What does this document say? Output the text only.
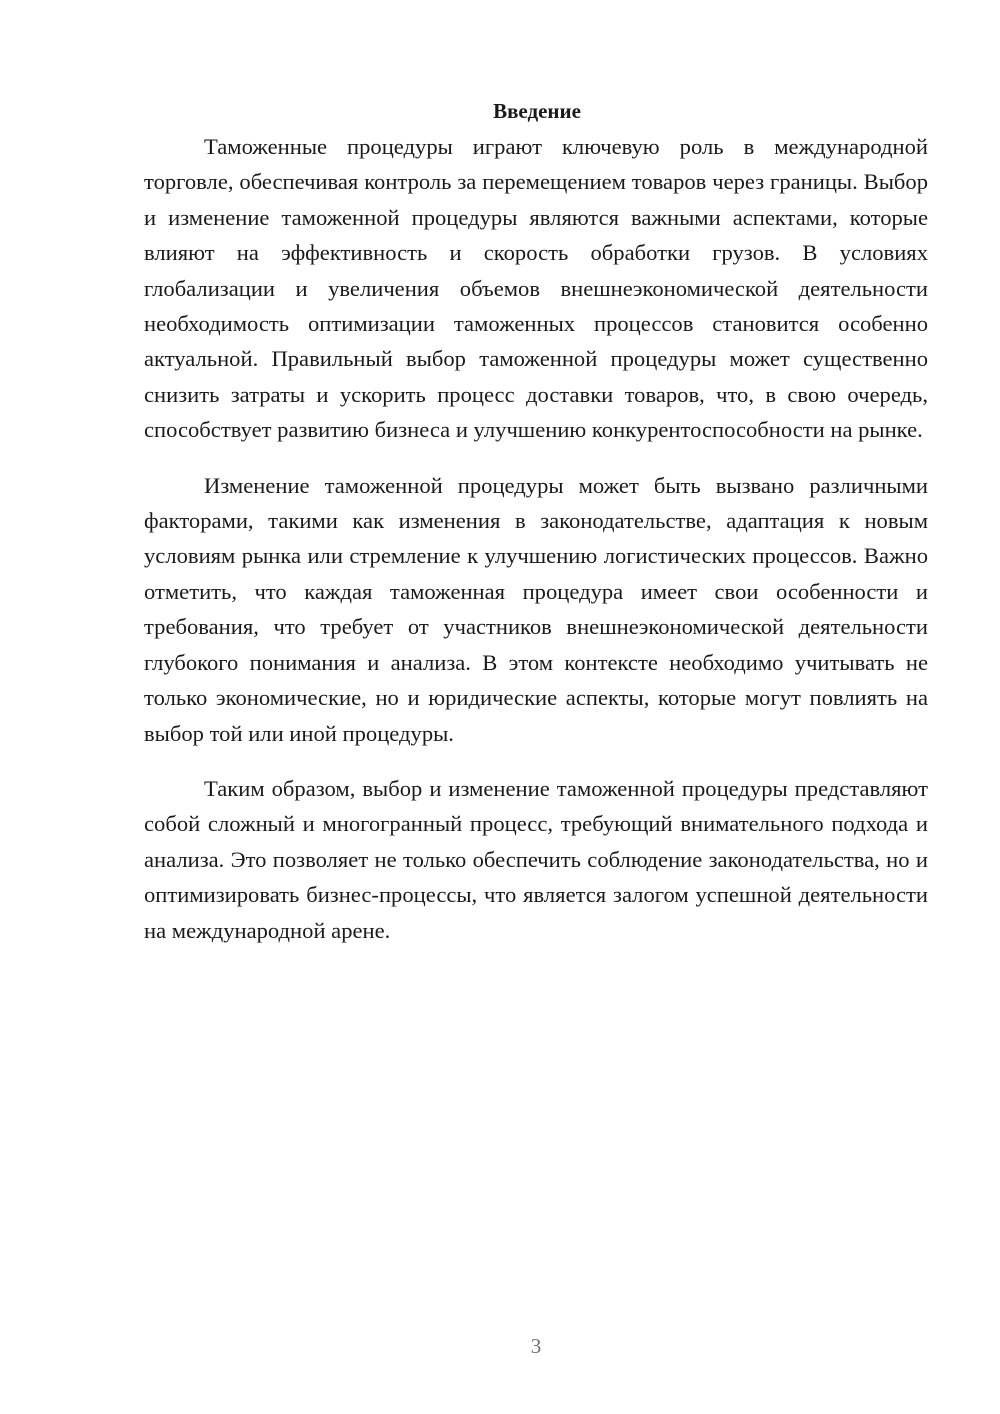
Введение

Таможенные процедуры играют ключевую роль в международной торговле, обеспечивая контроль за перемещением товаров через границы. Выбор и изменение таможенной процедуры являются важными аспектами, которые влияют на эффективность и скорость обработки грузов. В условиях глобализации и увеличения объемов внешнеэкономической деятельности необходимость оптимизации таможенных процессов становится особенно актуальной. Правильный выбор таможенной процедуры может существенно снизить затраты и ускорить процесс доставки товаров, что, в свою очередь, способствует развитию бизнеса и улучшению конкурентоспособности на рынке.

Изменение таможенной процедуры может быть вызвано различными факторами, такими как изменения в законодательстве, адаптация к новым условиям рынка или стремление к улучшению логистических процессов. Важно отметить, что каждая таможенная процедура имеет свои особенности и требования, что требует от участников внешнеэкономической деятельности глубокого понимания и анализа. В этом контексте необходимо учитывать не только экономические, но и юридические аспекты, которые могут повлиять на выбор той или иной процедуры.

Таким образом, выбор и изменение таможенной процедуры представляют собой сложный и многогранный процесс, требующий внимательного подхода и анализа. Это позволяет не только обеспечить соблюдение законодательства, но и оптимизировать бизнес-процессы, что является залогом успешной деятельности на международной арене.

3
